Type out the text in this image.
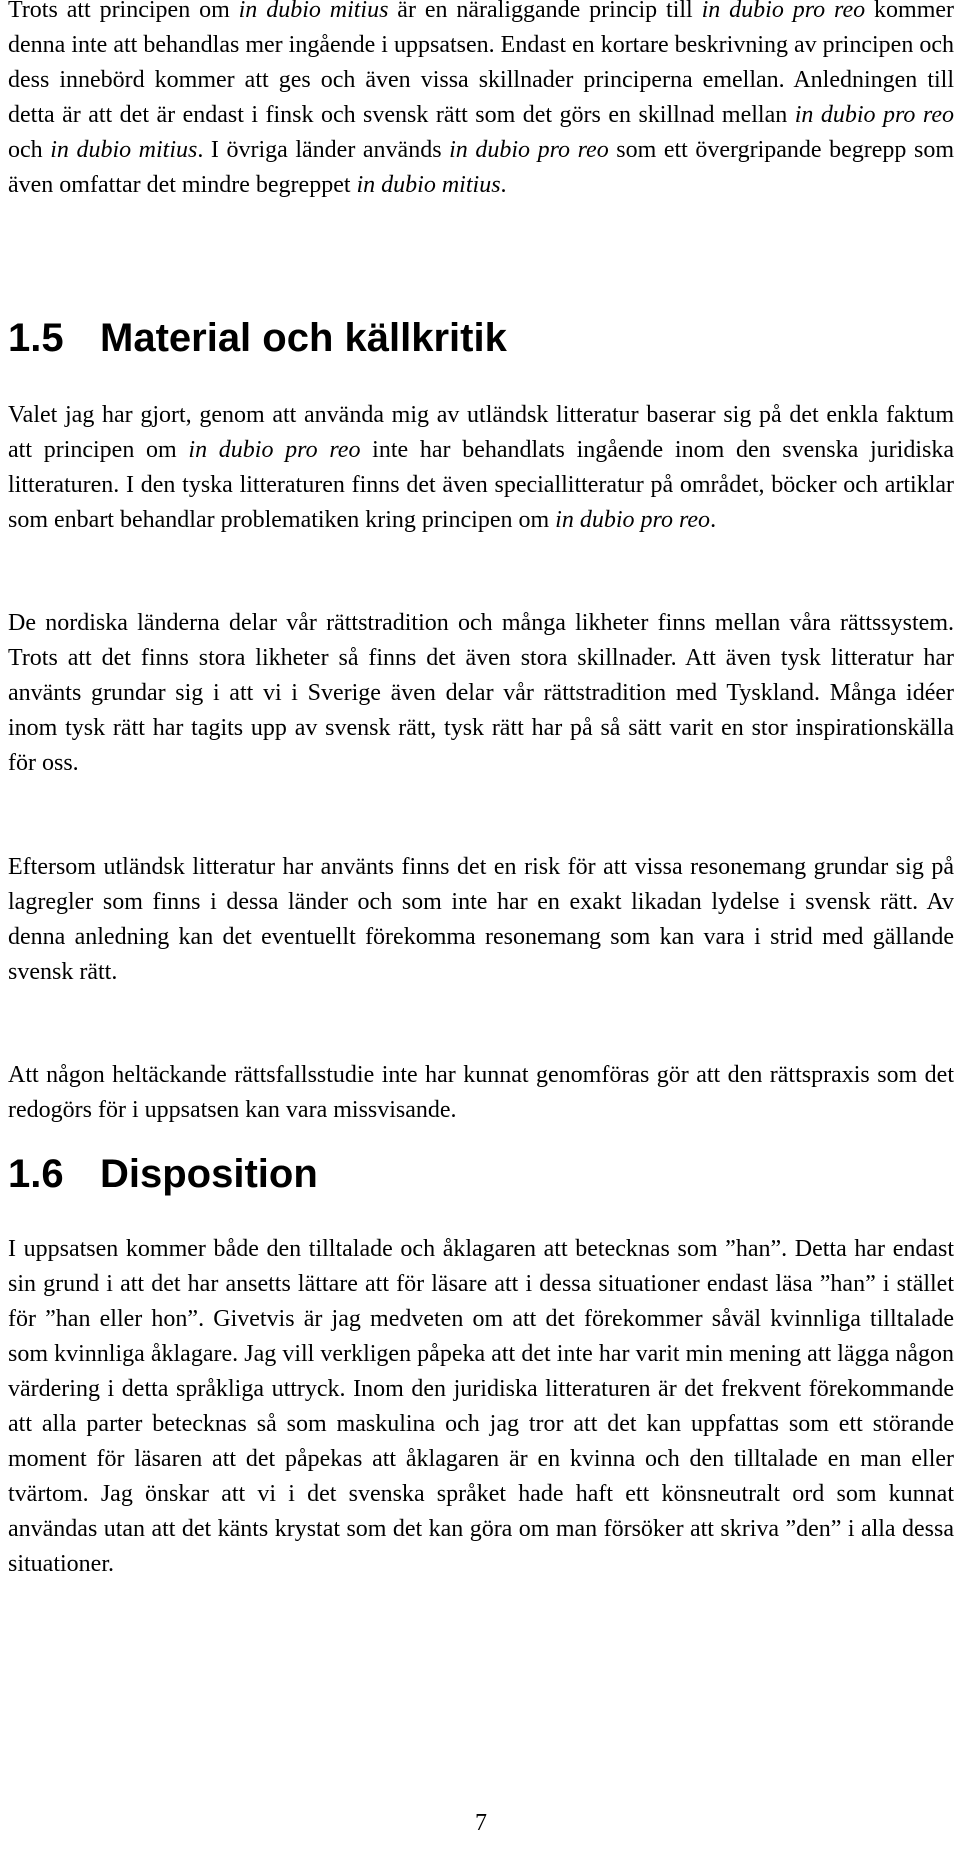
Trots att principen om in dubio mitius är en näraliggande princip till in dubio pro reo kommer denna inte att behandlas mer ingående i uppsatsen. Endast en kortare beskrivning av principen och dess innebörd kommer att ges och även vissa skillnader principerna emellan. Anledningen till detta är att det är endast i finsk och svensk rätt som det görs en skillnad mellan in dubio pro reo och in dubio mitius. I övriga länder används in dubio pro reo som ett övergripande begrepp som även omfattar det mindre begreppet in dubio mitius.

1.5 Material och källkritik

Valet jag har gjort, genom att använda mig av utländsk litteratur baserar sig på det enkla faktum att principen om in dubio pro reo inte har behandlats ingående inom den svenska juridiska litteraturen. I den tyska litteraturen finns det även speciallitteratur på området, böcker och artiklar som enbart behandlar problematiken kring principen om in dubio pro reo.

De nordiska länderna delar vår rättstradition och många likheter finns mellan våra rättssystem. Trots att det finns stora likheter så finns det även stora skillnader. Att även tysk litteratur har använts grundar sig i att vi i Sverige även delar vår rättstradition med Tyskland. Många idéer inom tysk rätt har tagits upp av svensk rätt, tysk rätt har på så sätt varit en stor inspirationskälla för oss.

Eftersom utländsk litteratur har använts finns det en risk för att vissa resonemang grundar sig på lagregler som finns i dessa länder och som inte har en exakt likadan lydelse i svensk rätt. Av denna anledning kan det eventuellt förekomma resonemang som kan vara i strid med gällande svensk rätt.

Att någon heltäckande rättsfallsstudie inte har kunnat genomföras gör att den rättspraxis som det redogörs för i uppsatsen kan vara missvisande.

1.6 Disposition

I uppsatsen kommer både den tilltalade och åklagaren att betecknas som ”han”. Detta har endast sin grund i att det har ansetts lättare att för läsare att i dessa situationer endast läsa ”han” i stället för ”han eller hon”. Givetvis är jag medveten om att det förekommer såväl kvinnliga tilltalade som kvinnliga åklagare. Jag vill verkligen påpeka att det inte har varit min mening att lägga någon värdering i detta språkliga uttryck. Inom den juridiska litteraturen är det frekvent förekommande att alla parter betecknas så som maskulina och jag tror att det kan uppfattas som ett störande moment för läsaren att det påpekas att åklagaren är en kvinna och den tilltalade en man eller tvärtom. Jag önskar att vi i det svenska språket hade haft ett könsneutralt ord som kunnat användas utan att det känts krystat som det kan göra om man försöker att skriva ”den” i alla dessa situationer.

7
